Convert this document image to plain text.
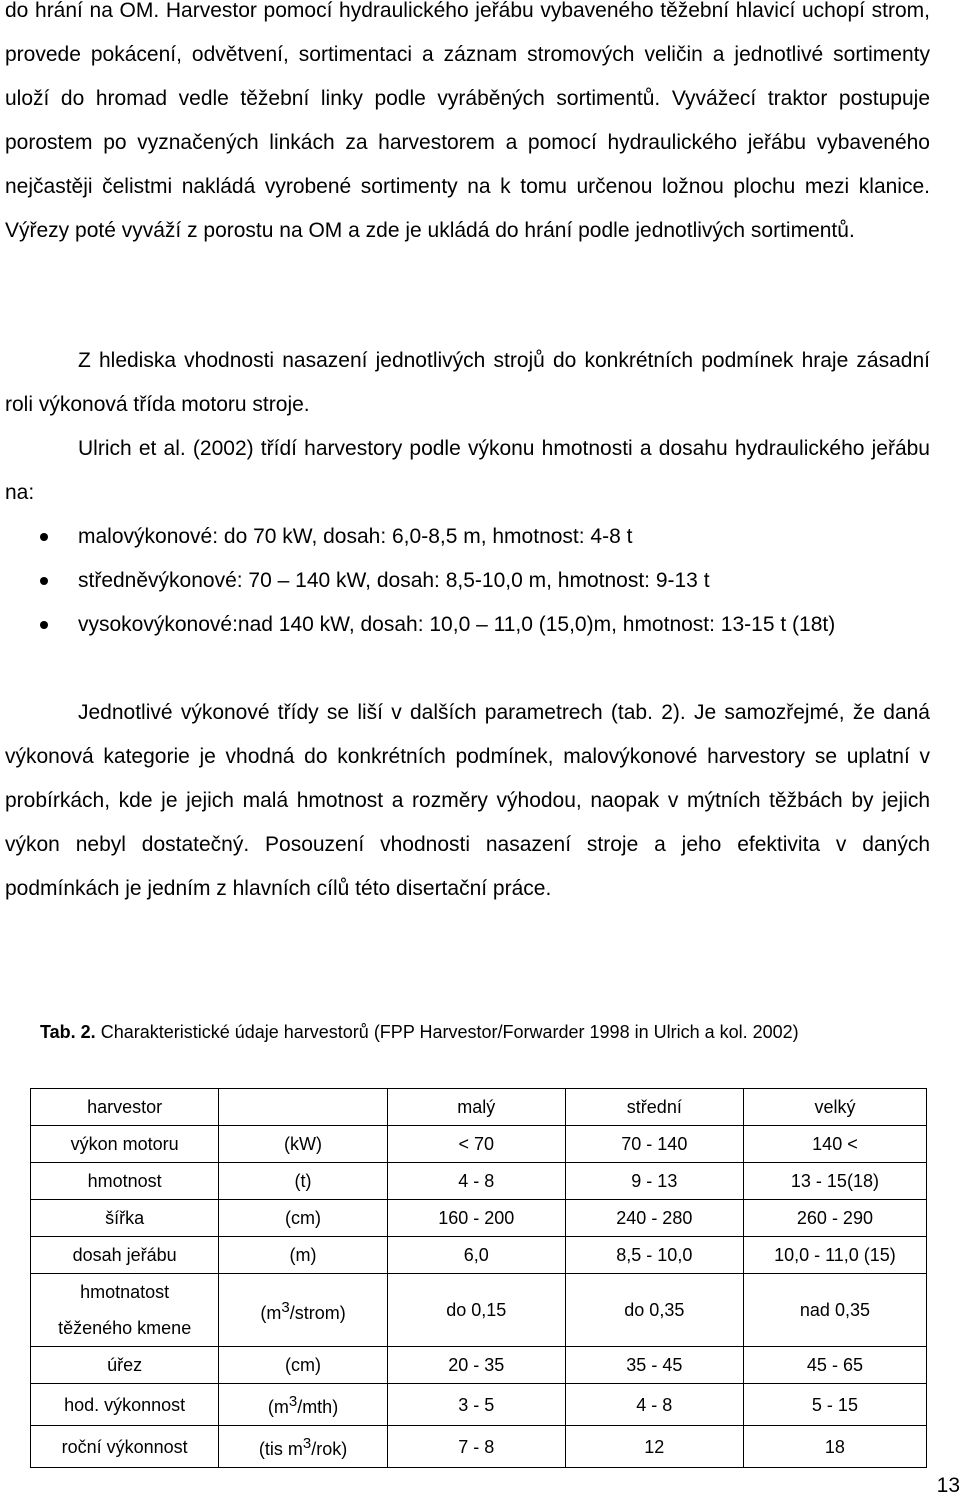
do hrání na OM. Harvestor pomocí hydraulického jeřábu vybaveného těžební hlavicí uchopí strom, provede pokácení, odvětvení, sortimentaci a záznam stromových veličin a jednotlivé sortimenty uloží do hromad vedle těžební linky podle vyráběných sortimentů. Vyvážecí traktor postupuje porostem po vyznačených linkách za harvestorem a pomocí hydraulického jeřábu vybaveného nejčastěji čelistmi nakládá vyrobené sortimenty na k tomu určenou ložnou plochu mezi klanice. Výřezy poté vyváží z porostu na OM a zde je ukládá do hrání podle jednotlivých sortimentů.

Z hlediska vhodnosti nasazení jednotlivých strojů do konkrétních podmínek hraje zásadní roli výkonová třída motoru stroje.

Ulrich et al. (2002) třídí harvestory podle výkonu hmotnosti a dosahu hydraulického jeřábu na:

malovýkonové: do 70 kW, dosah: 6,0-8,5 m, hmotnost: 4-8 t
středněvýkonové: 70 – 140 kW, dosah: 8,5-10,0 m, hmotnost: 9-13 t
vysokovýkonové:nad 140 kW, dosah: 10,0 – 11,0 (15,0)m, hmotnost: 13-15 t (18t)

Jednotlivé výkonové třídy se liší v dalších parametrech (tab. 2). Je samozřejmé, že daná výkonová kategorie je vhodná do konkrétních podmínek, malovýkonové harvestory se uplatní v probírkách, kde je jejich malá hmotnost a rozměry výhodou, naopak v mýtních těžbách by jejich výkon nebyl dostatečný. Posouzení vhodnosti nasazení stroje a jeho efektivita v daných podmínkách je jedním z hlavních cílů této disertační práce.

Tab. 2. Charakteristické údaje harvestorů (FPP Harvestor/Forwarder 1998 in Ulrich a kol. 2002)

harvestor		malý	střední	velký
výkon motoru	(kW)	< 70	70 - 140	140 <
hmotnost	(t)	4 - 8	9 - 13	13 - 15(18)
šířka	(cm)	160 - 200	240 - 280	260 - 290
dosah jeřábu	(m)	6,0	8,5 - 10,0	10,0 - 11,0 (15)
hmotnatost
těženého kmene	$(m^3/strom)$	do 0,15	do 0,35	nad 0,35
úřez	(cm)	20 - 35	35 - 45	45 - 65
hod. výkonnost	$(m^3/mth)$	3 - 5	4 - 8	5 - 15
roční výkonnost	(tis $m^3/rok$)	7 - 8	12	18
13
